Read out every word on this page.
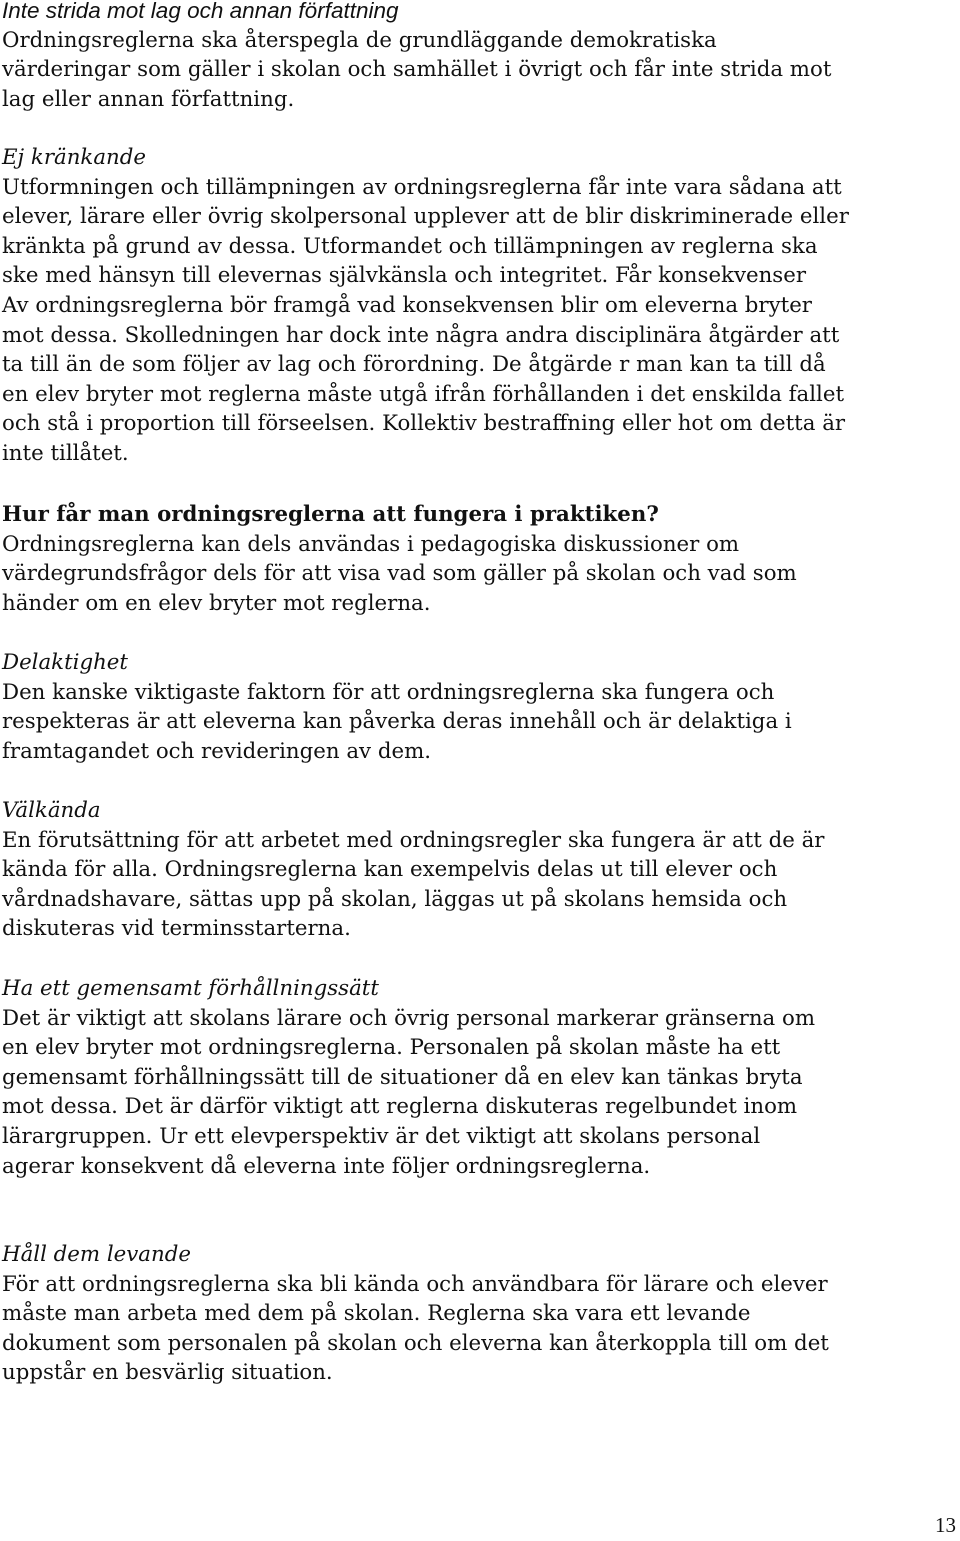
Inte strida mot lag och annan författning
Ordningsreglerna ska återspegla de grundläggande demokratiska
värderingar som gäller i skolan och samhället i övrigt och får inte strida mot
lag eller annan författning.
Ej kränkande
Utformningen och tillämpningen av ordningsreglerna får inte vara sådana att
elever, lärare eller övrig skolpersonal upplever att de blir diskriminerade eller
kränkta på grund av dessa. Utformandet och tillämpningen av reglerna ska
ske med hänsyn till elevernas självkänsla och integritet. Får konsekvenser
Av ordningsreglerna bör framgå vad konsekvensen blir om eleverna bryter
mot dessa. Skolledningen har dock inte några andra disciplinära åtgärder att
ta till än de som följer av lag och förordning. De åtgärde r man kan ta till då
en elev bryter mot reglerna måste utgå ifrån förhållanden i det enskilda fallet
och stå i proportion till förseelsen. Kollektiv bestraffning eller hot om detta är
inte tillåtet.
Hur får man ordningsreglerna att fungera i praktiken?
Ordningsreglerna kan dels användas i pedagogiska diskussioner om
värdegrundsfrågor dels för att visa vad som gäller på skolan och vad som
händer om en elev bryter mot reglerna.
Delaktighet
Den kanske viktigaste faktorn för att ordningsreglerna ska fungera och
respekteras är att eleverna kan påverka deras innehåll och är delaktiga i
framtagandet och revideringen av dem.
Välkända
En förutsättning för att arbetet med ordningsregler ska fungera är att de är
kända för alla. Ordningsreglerna kan exempelvis delas ut till elever och
vårdnadshavare, sättas upp på skolan, läggas ut på skolans hemsida och
diskuteras vid terminsstarterna.
Ha ett gemensamt förhållningssätt
Det är viktigt att skolans lärare och övrig personal markerar gränserna om
en elev bryter mot ordningsreglerna. Personalen på skolan måste ha ett
gemensamt förhållningssätt till de situationer då en elev kan tänkas bryta
mot dessa. Det är därför viktigt att reglerna diskuteras regelbundet inom
lärargruppen. Ur ett elevperspektiv är det viktigt att skolans personal
agerar konsekvent då eleverna inte följer ordningsreglerna.
Håll dem levande
För att ordningsreglerna ska bli kända och användbara för lärare och elever
måste man arbeta med dem på skolan. Reglerna ska vara ett levande
dokument som personalen på skolan och eleverna kan återkoppla till om det
uppstår en besvärlig situation.
13
